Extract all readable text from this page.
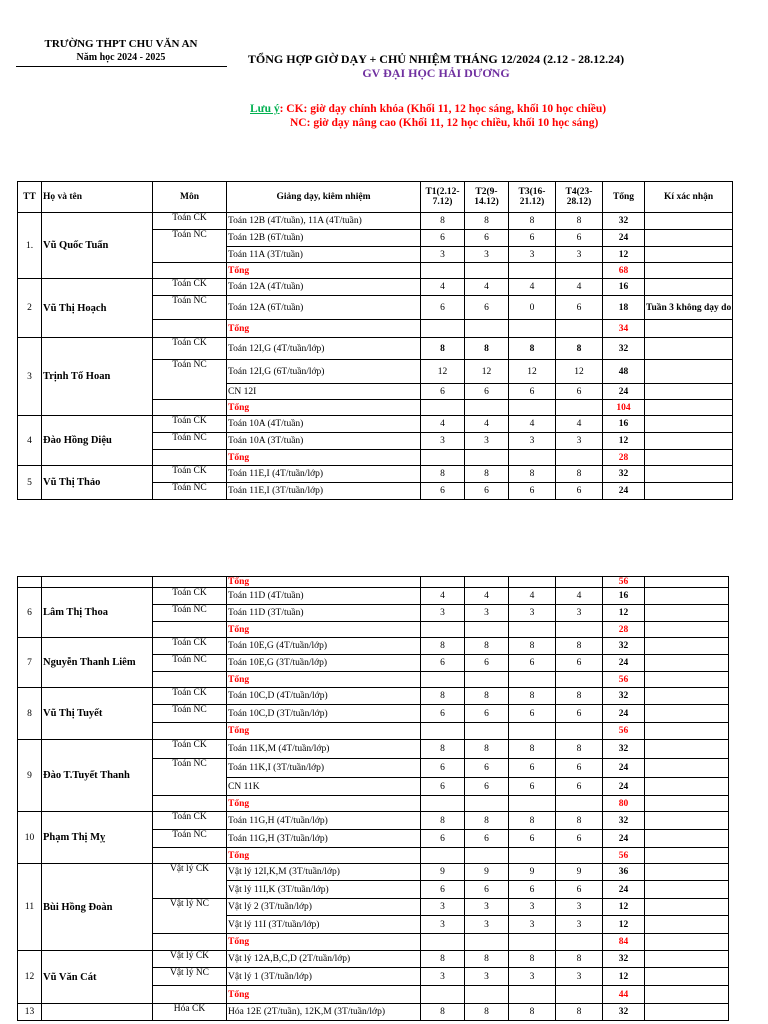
TRƯỜNG THPT CHU VĂN AN
Năm học 2024 - 2025	TỔNG HỢP GIỜ DẠY + CHỦ NHIỆM THÁNG 12/2024 (2.12 - 28.12.24)
GV ĐẠI HỌC HẢI DƯƠNG
Lưu ý: CK: giờ dạy chính khóa (Khối 11, 12 học sáng, khối 10 học chiều)
NC: giờ dạy nâng cao (Khối 11, 12 học chiều, khối 10 học sáng)
TT	Họ và tên	Môn	Giảng dạy, kiêm nhiệm	T1(2.12-7.12)	T2(9-14.12)	T3(16-21.12)	T4(23-28.12)	Tổng	Kí xác nhận
1.	Vũ Quốc Tuấn	Toán CK	Toán 12B (4T/tuần), 11A (4T/tuần)	8	8	8	8	32	
		Toán NC	Toán 12B (6T/tuần)	6	6	6	6	24	
			Toán 11A (3T/tuần)	3	3	3	3	12	
			Tổng					68	
2	Vũ Thị Hoạch	Toán CK	Toán 12A (4T/tuần)	4	4	4	4	16	
		Toán NC	Toán 12A (6T/tuần)	6	6	0	6	18	Tuần 3 không dạy do
			Tổng					34	
3	Trịnh Tố Hoan	Toán CK	Toán 12I,G (4T/tuần/lớp)	8	8	8	8	32	
		Toán NC	Toán 12I,G (6T/tuần/lớp)	12	12	12	12	48	
			CN 12I	6	6	6	6	24	
			Tổng					104	
4	Đào Hồng Diệu	Toán CK	Toán 10A (4T/tuần)	4	4	4	4	16	
		Toán NC	Toán 10A (3T/tuần)	3	3	3	3	12	
			Tổng					28	
5	Vũ Thị Thảo	Toán CK	Toán 11E,I (4T/tuần/lớp)	8	8	8	8	32	
		Toán NC	Toán 11E,I (3T/tuần/lớp)	6	6	6	6	24	
			Tổng					56	
6	Lâm Thị Thoa	Toán CK	Toán 11D (4T/tuần)	4	4	4	4	16	
		Toán NC	Toán 11D (3T/tuần)	3	3	3	3	12	
			Tổng					28	
7	Nguyễn Thanh Liêm	Toán CK	Toán 10E,G (4T/tuần/lớp)	8	8	8	8	32	
		Toán NC	Toán 10E,G (3T/tuần/lớp)	6	6	6	6	24	
			Tổng					56	
8	Vũ Thị Tuyết	Toán CK	Toán 10C,D (4T/tuần/lớp)	8	8	8	8	32	
		Toán NC	Toán 10C,D (3T/tuần/lớp)	6	6	6	6	24	
			Tổng					56	
9	Đào T.Tuyết Thanh	Toán CK	Toán 11K,M (4T/tuần/lớp)	8	8	8	8	32	
		Toán NC	Toán 11K,I (3T/tuần/lớp)	6	6	6	6	24	
			CN 11K	6	6	6	6	24	
			Tổng					80	
10	Phạm Thị Mỵ	Toán CK	Toán 11G,H (4T/tuần/lớp)	8	8	8	8	32	
		Toán NC	Toán 11G,H (3T/tuần/lớp)	6	6	6	6	24	
			Tổng					56	
11	Bùi Hồng Đoàn	Vật lý CK	Vật lý 12I,K,M (3T/tuần/lớp)	9	9	9	9	36	
			Vật lý 11I,K (3T/tuần/lớp)	6	6	6	6	24	
		Vật lý NC	Vật lý 2 (3T/tuần/lớp)	3	3	3	3	12	
			Vật lý 11I (3T/tuần/lớp)	3	3	3	3	12	
			Tổng					84	
12	Vũ Văn Cát	Vật lý CK	Vật lý 12A,B,C,D (2T/tuần/lớp)	8	8	8	8	32	
		Vật lý NC	Vật lý 1 (3T/tuần/lớp)	3	3	3	3	12	
			Tổng					44	
13		Hóa CK	Hóa 12E (2T/tuần), 12K,M (3T/tuần/lớp)	8	8	8	8	32	
